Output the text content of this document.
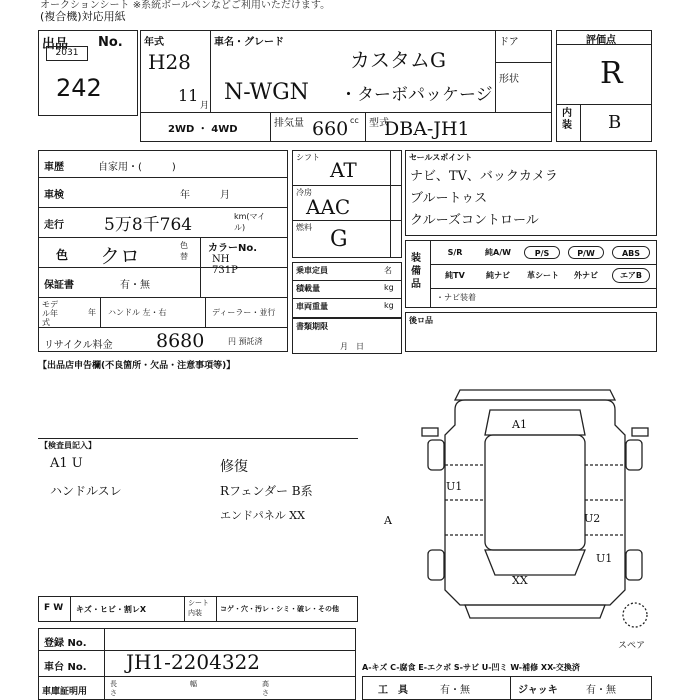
オークションシート ※系統ボールペンなどご利用いただけます。
(複合機)対応用紙
出品 No.
2031
242
年式
H28
11
月
車名・グレード
カスタムG
N-WGN ・ターボパッケージ
ドア
形状
2WD ・ 4WD
排気量 660 cc 型式
DBA-JH1
評価点
R
内装 B
車歴	自家用・(　　　)
車検	年　　　月
走行 5万8千764	km(マイル)
色 クロ	色替
カラーNo.
NH 731P
保証書	有・無
モデル年式
年 ハンドル 左・右	ディーラー・並行
リサイクル料金 8680	円 預託済
シフト
AT
冷房
AAC
燃料 G
乗車定員	名
積載量	kg
車両重量	kg
書類期限
月　日
セールスポイント
ナビ、TV、バックカメラ
ブルートゥス
クルーズコントロール
装備品
S/R	純A/W	P/S	P/W	ABS
純TV	純ナビ	革シート	外ナビ	エアB
・ナビ装着
後ロ品
【出品店申告欄(不良箇所・欠品・注意事項等)】
【検査員記入】
A1 U
ハンドルスレ
修復
Rフェンダー B系
エンドパネル XX
A1
U1
U2
U1
XX
A
スペア
F W キズ・ヒビ・割レX
シート内装	コゲ・穴・汚レ・シミ・破レ・その他
登録 No.
車台 No. JH1-2204322
車庫証明用
長さ
幅	高さ
A-キズ C-腐食 E-エクボ S-サビ U-凹ミ W-補修 XX-交換済
工　具	有・無	ジャッキ	有・無
